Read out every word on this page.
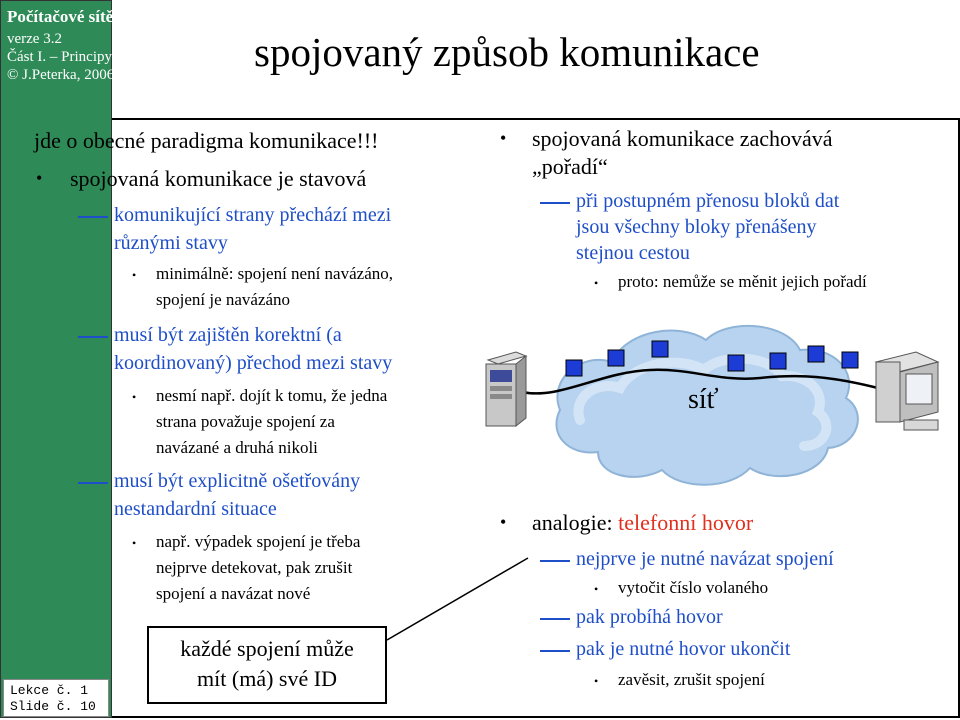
Počítačové sítě
verze 3.2
Část I. – Principy
© J.Peterka, 2006
Lekce č. 1
Slide č. 10
spojovaný způsob komunikace
jde o obecné paradigma komunikace!!!
• spojovaná komunikace je stavová
komunikující strany přechází mezi
různými stavy
• minimálně: spojení není navázáno,
spojení je navázáno
musí být zajištěn korektní (a
koordinovaný) přechod mezi stavy
• nesmí např. dojít k tomu, že jedna
strana považuje spojení za
navázané a druhá nikoli
musí být explicitně ošetřovány
nestandardní situace
• např. výpadek spojení je třeba
nejprve detekovat, pak zrušit
spojení a navázat nové
každé spojení může
mít (má) své ID
• spojovaná komunikace zachovává
„pořadí“
při postupném přenosu bloků dat
jsou všechny bloky přenášeny
stejnou cestou
• proto: nemůže se měnit jejich pořadí
síť
• analogie: telefonní hovor
nejprve je nutné navázat spojení
• vytočit číslo volaného
pak probíhá hovor
pak je nutné hovor ukončit
• zavěsit, zrušit spojení
